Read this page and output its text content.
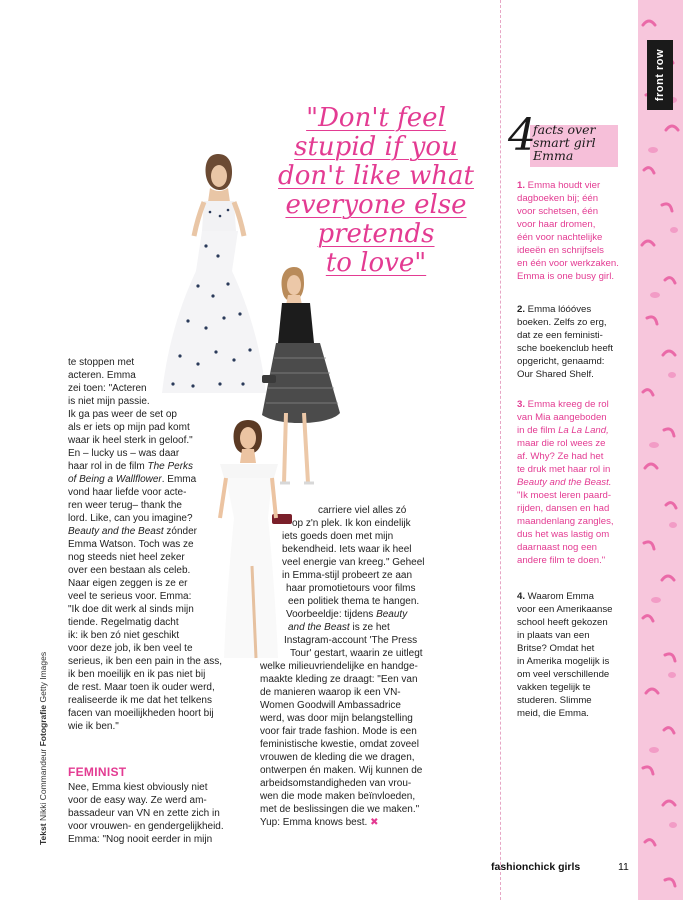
front row
"Don't feel
stupid if you
don't like what
everyone else
pretends
to love"
te stoppen met
acteren. Emma
zei toen: "Acteren
is niet mijn passie.
Ik ga pas weer de set op
als er iets op mijn pad komt
waar ik heel sterk in geloof."
En – lucky us – was daar
haar rol in de film The Perks
of Being a Wallflower. Emma
vond haar liefde voor acte-
ren weer terug– thank the
lord. Like, can you imagine?
Beauty and the Beast zónder
Emma Watson. Toch was ze
nog steeds niet heel zeker
over een bestaan als celeb.
Naar eigen zeggen is ze er
veel te serieus voor. Emma:
"Ik doe dit werk al sinds mijn
tiende. Regelmatig dacht
ik: ik ben zó niet geschikt
voor deze job, ik ben veel te
serieus, ik ben een pain in the ass,
ik ben moeilijk en ik pas niet bij
de rest. Maar toen ik ouder werd,
realiseerde ik me dat het telkens
facen van moeilijkheden hoort bij
wie ik ben."
FEMINIST
Nee, Emma kiest obviously niet
voor de easy way. Ze werd am-
bassadeur van VN en zette zich in
voor vrouwen- en gendergelijkheid.
Emma: "Nog nooit eerder in mijn
carriere viel alles zó
op z'n plek. Ik kon eindelijk
iets goeds doen met mijn
bekendheid. Iets waar ik heel
veel energie van kreeg." Geheel
in Emma-stijl probeert ze aan
haar promotietours voor films
een politiek thema te hangen.
Voorbeeldje: tijdens Beauty
and the Beast is ze het
Instagram-account 'The Press
Tour' gestart, waarin ze uitlegt
welke milieuvriendelijke en handge-
maakte kleding ze draagt: "Een van
de manieren waarop ik een VN-
Women Goodwill Ambassadrice
werd, was door mijn belangstelling
voor fair trade fashion. Mode is een
feministische kwestie, omdat zoveel
vrouwen de kleding die we dragen,
ontwerpen én maken. Wij kunnen de
arbeidsomstandigheden van vrou-
wen die mode maken beïnvloeden,
met de beslissingen die we maken."
Yup: Emma knows best. ✖
Tekst Nikki Commandeur Fotografie Getty Images
4
facts over
smart girl
Emma
1. Emma houdt vier
dagboeken bij; één
voor schetsen, één
voor haar dromen,
één voor nachtelijke
ideeën en schrijfsels
en één voor werkzaken.
Emma is one busy girl.
2. Emma lóóóves
boeken. Zelfs zo erg,
dat ze een feministi-
sche boekenclub heeft
opgericht, genaamd:
Our Shared Shelf.
3. Emma kreeg de rol
van Mia aangeboden
in de film La La Land,
maar die rol wees ze
af. Why? Ze had het
te druk met haar rol in
Beauty and the Beast.
"Ik moest leren paard-
rijden, dansen en had
maandenlang zangles,
dus het was lastig om
daarnaast nog een
andere film te doen."
4. Waarom Emma
voor een Amerikaanse
school heeft gekozen
in plaats van een
Britse? Omdat het
in Amerika mogelijk is
om veel verschillende
vakken tegelijk te
studeren. Slimme
meid, die Emma.
fashionchick girls	11
